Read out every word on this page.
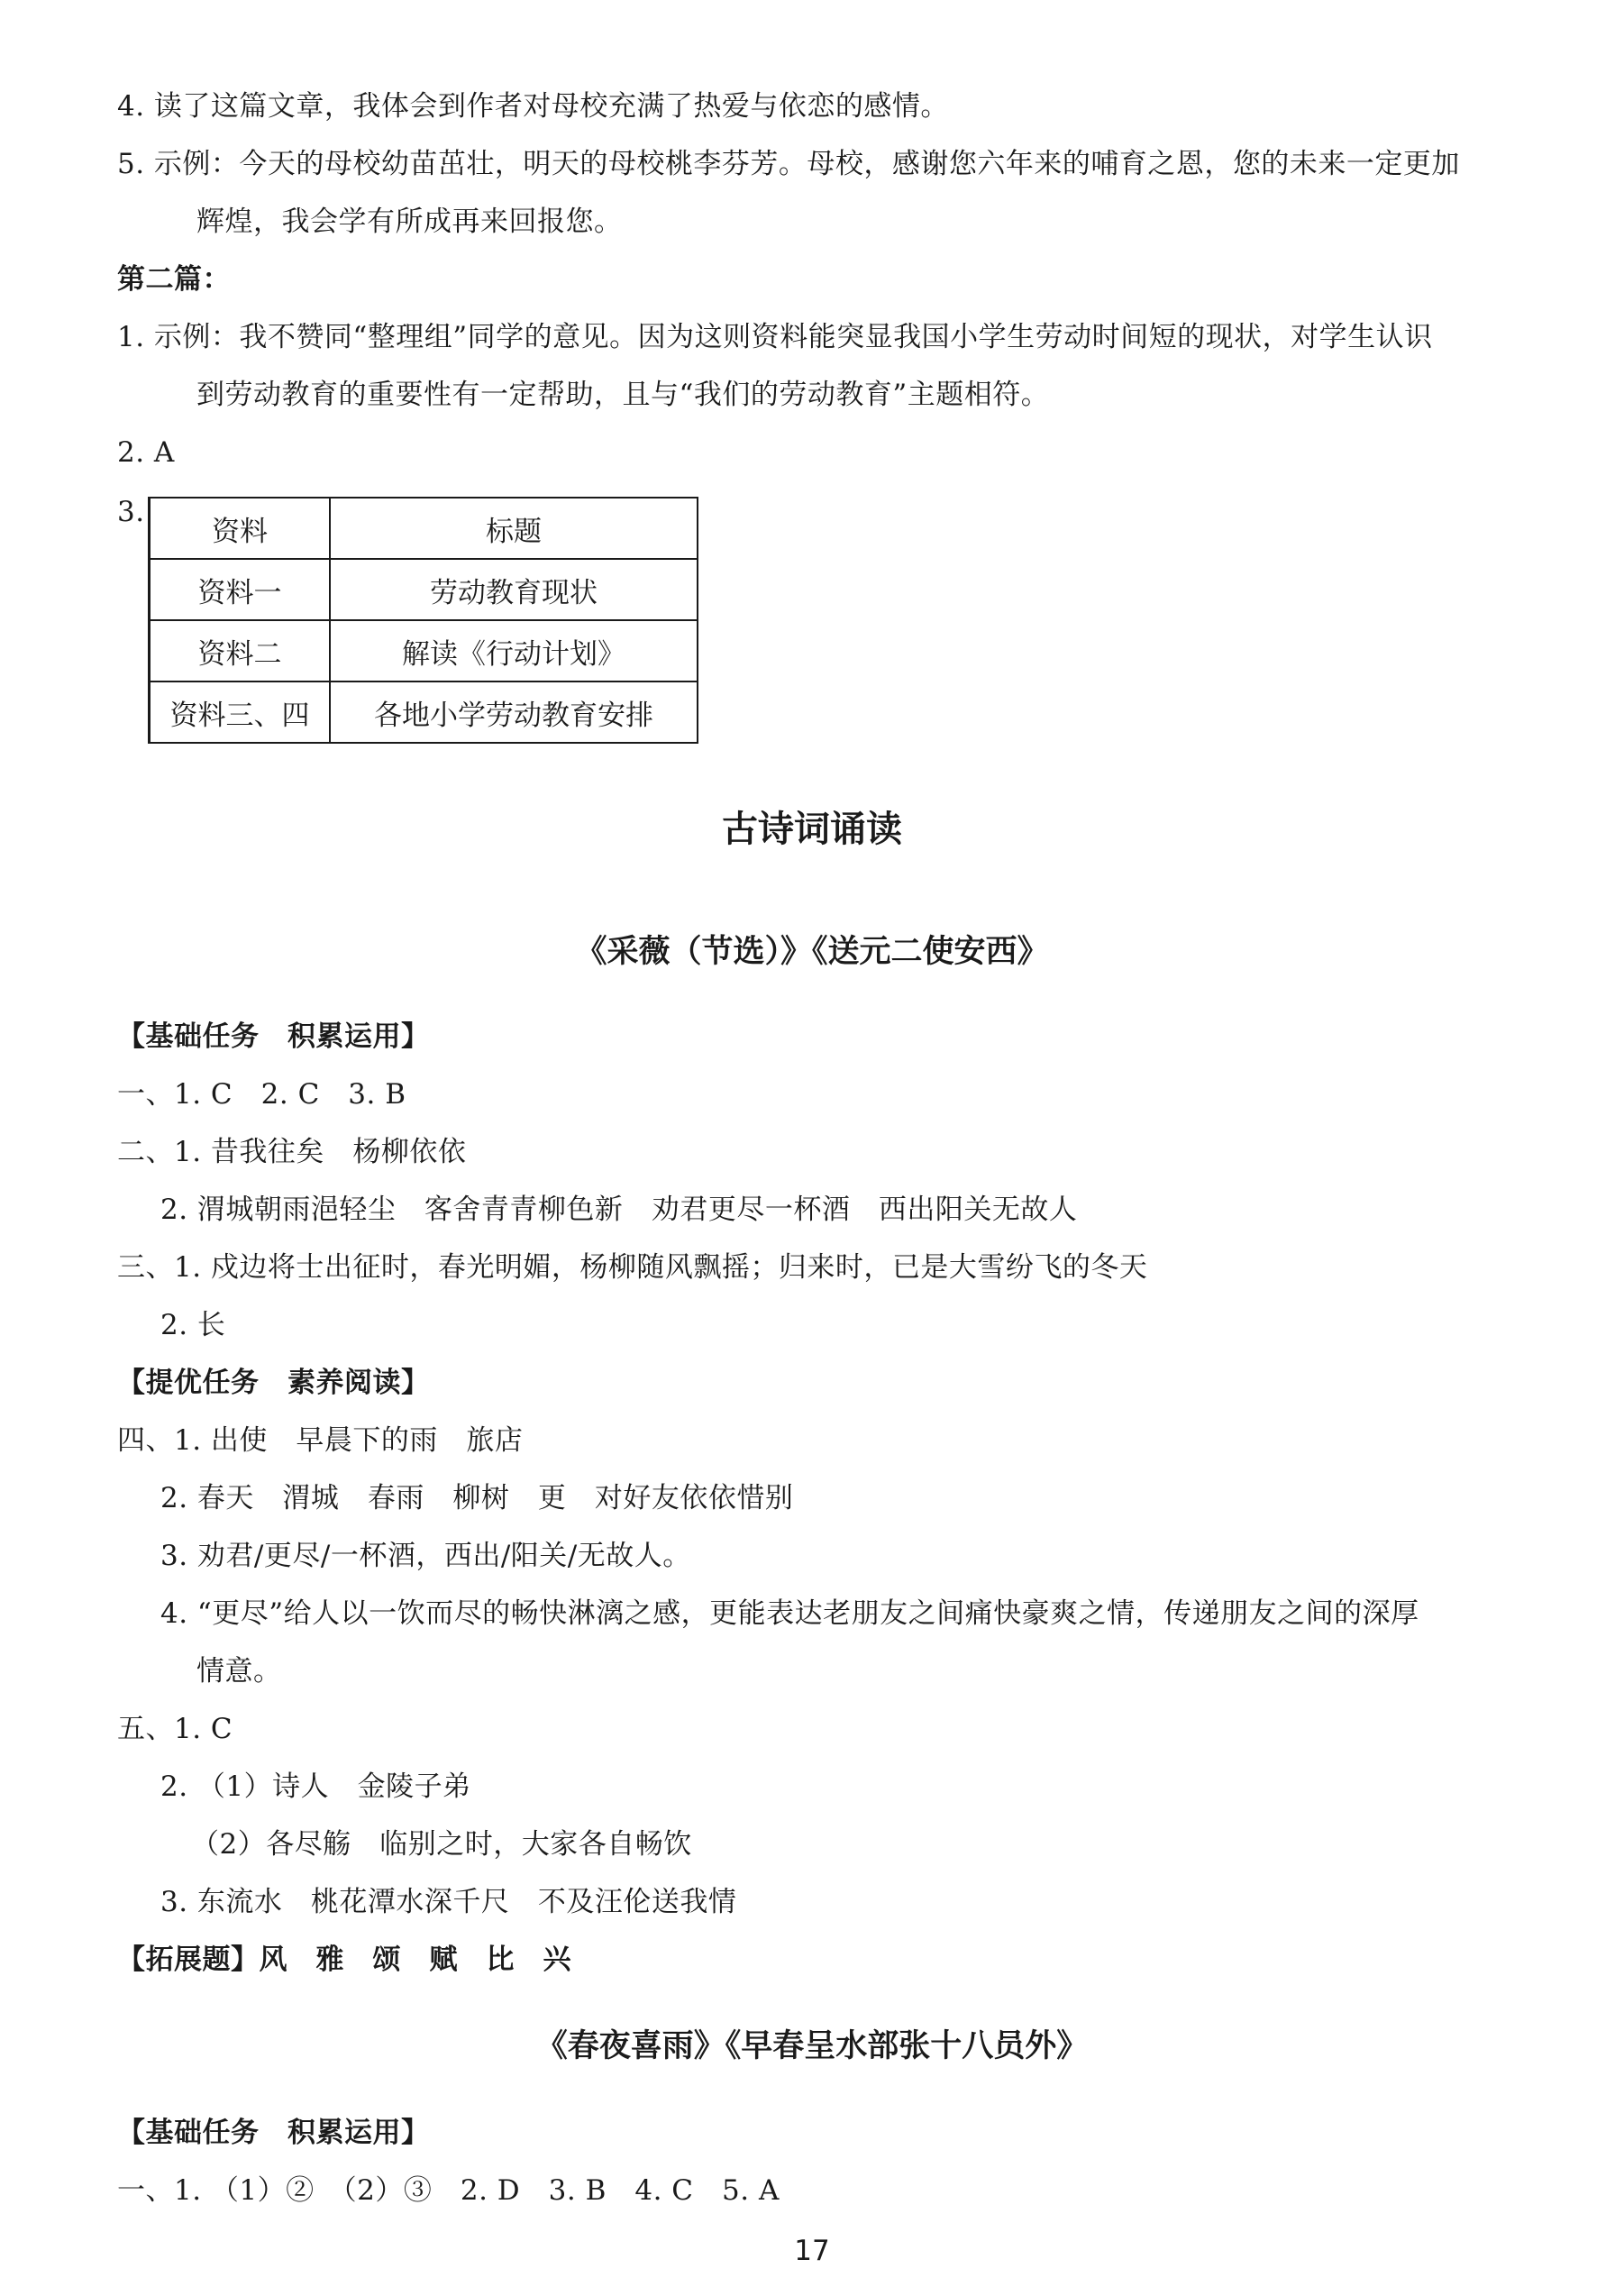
4. 读了这篇文章，我体会到作者对母校充满了热爱与依恋的感情。
5. 示例：今天的母校幼苗茁壮，明天的母校桃李芬芳。母校，感谢您六年来的哺育之恩，您的未来一定更加
辉煌，我会学有所成再来回报您。
第二篇：
1. 示例：我不赞同“整理组”同学的意见。因为这则资料能突显我国小学生劳动时间短的现状，对学生认识
到劳动教育的重要性有一定帮助，且与“我们的劳动教育”主题相符。
2. A
3.
资料	标题
资料一	劳动教育现状
资料二	解读《行动计划》
资料三、四	各地小学劳动教育安排
古诗词诵读
《采薇（节选）》《送元二使安西》
【基础任务　积累运用】
一、1. C　2. C　3. B
二、1. 昔我往矣　杨柳依依
2. 渭城朝雨浥轻尘　客舍青青柳色新　劝君更尽一杯酒　西出阳关无故人
三、1. 戍边将士出征时，春光明媚，杨柳随风飘摇；归来时，已是大雪纷飞的冬天
2. 长
【提优任务　素养阅读】
四、1. 出使　早晨下的雨　旅店
2. 春天　渭城　春雨　柳树　更　对好友依依惜别
3. 劝君/更尽/一杯酒，西出/阳关/无故人。
4. “更尽”给人以一饮而尽的畅快淋漓之感，更能表达老朋友之间痛快豪爽之情，传递朋友之间的深厚
情意。
五、1. C
2. （1）诗人　金陵子弟
（2）各尽觞　临别之时，大家各自畅饮
3. 东流水　桃花潭水深千尺　不及汪伦送我情
【拓展题】风　雅　颂　赋　比　兴
《春夜喜雨》《早春呈水部张十八员外》
【基础任务　积累运用】
一、1. （1）②　（2）③　2. D　3. B　4. C　5. A
17
